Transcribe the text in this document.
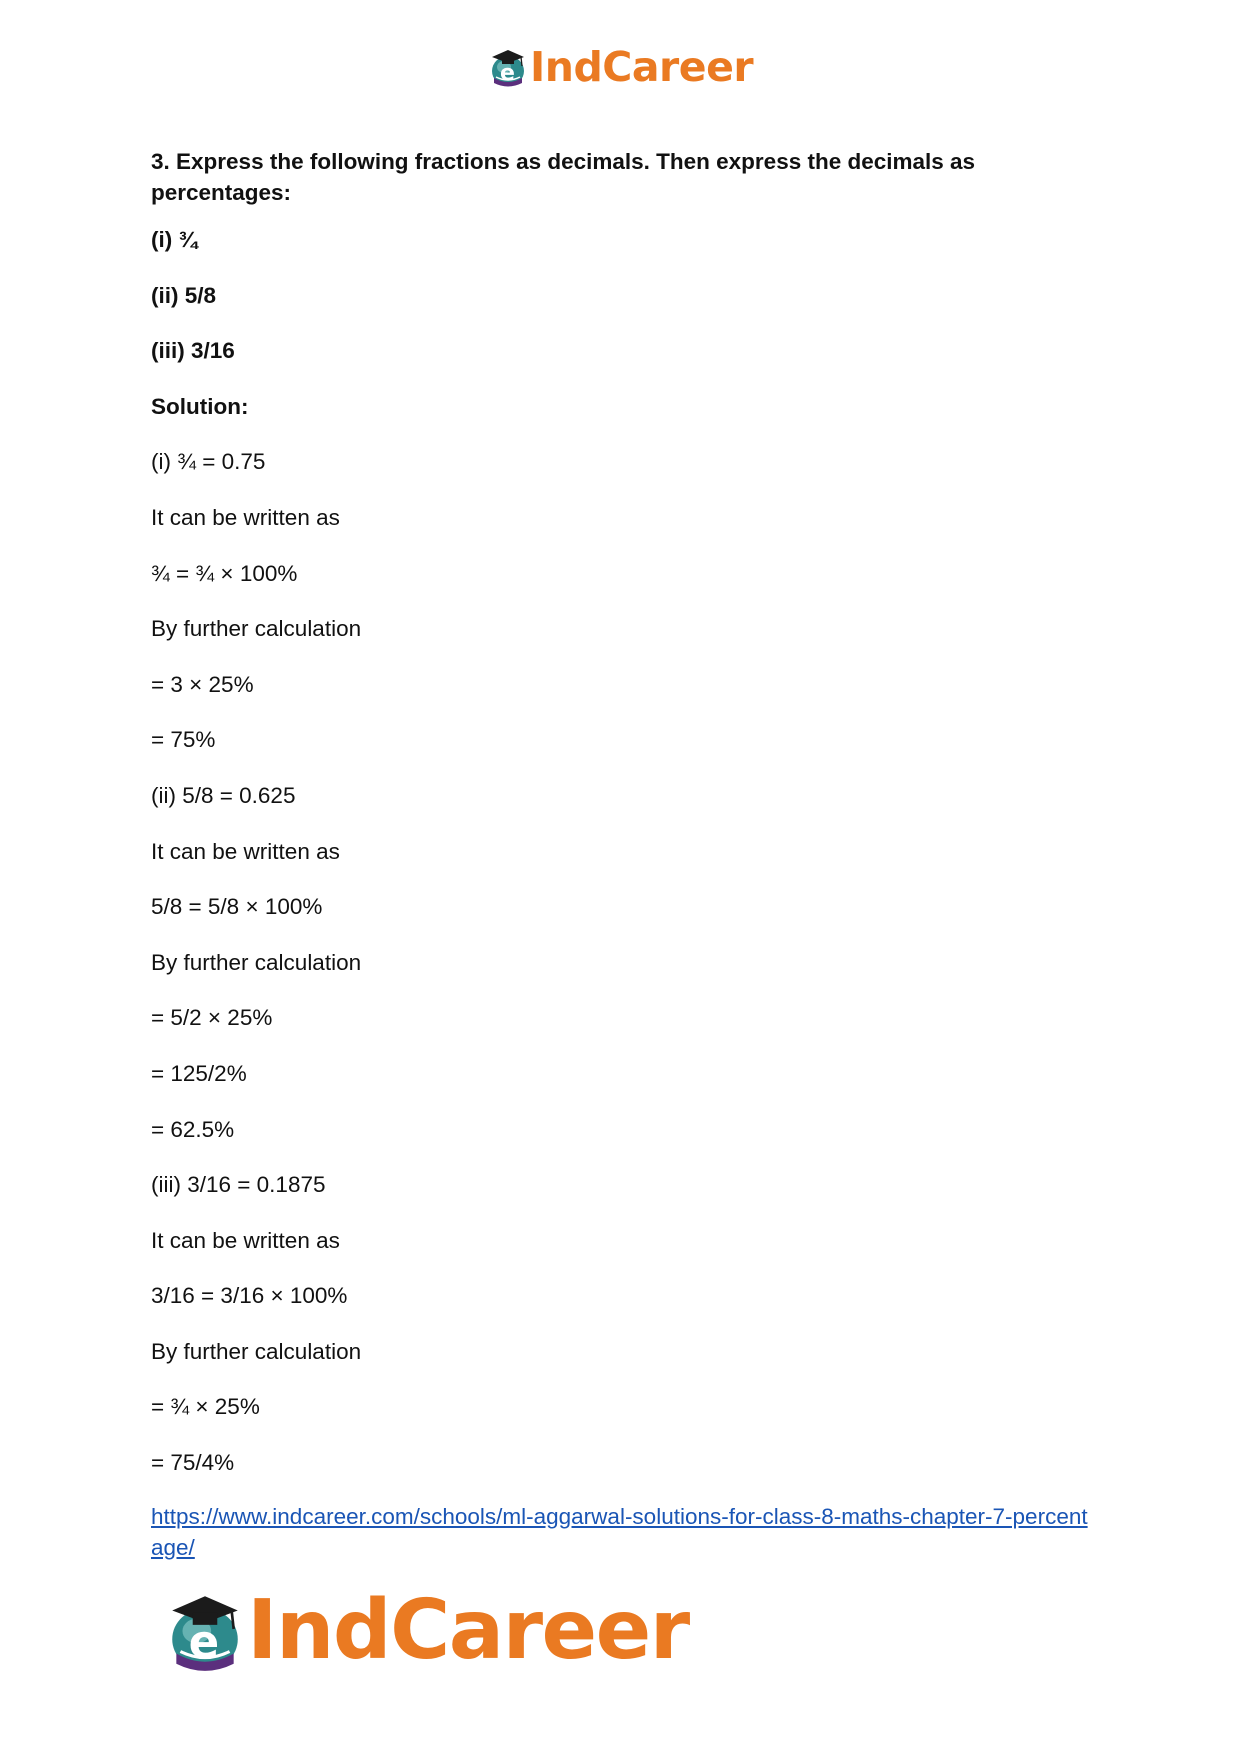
e IndCareer

3. Express the following fractions as decimals. Then express the decimals as percentages:

(i) ¾
(ii) 5/8
(iii) 3/16
Solution:
(i) ¾ = 0.75
It can be written as
¾ = ¾ × 100%
By further calculation
= 3 × 25%
= 75%
(ii) 5/8 = 0.625
It can be written as
5/8 = 5/8 × 100%
By further calculation
= 5/2 × 25%
= 125/2%
= 62.5%
(iii) 3/16 = 0.1875
It can be written as
3/16 = 3/16 × 100%
By further calculation
= ¾ × 25%
= 75/4%
https://www.indcareer.com/schools/ml-aggarwal-solutions-for-class-8-maths-chapter-7-percentage/
e IndCareer
